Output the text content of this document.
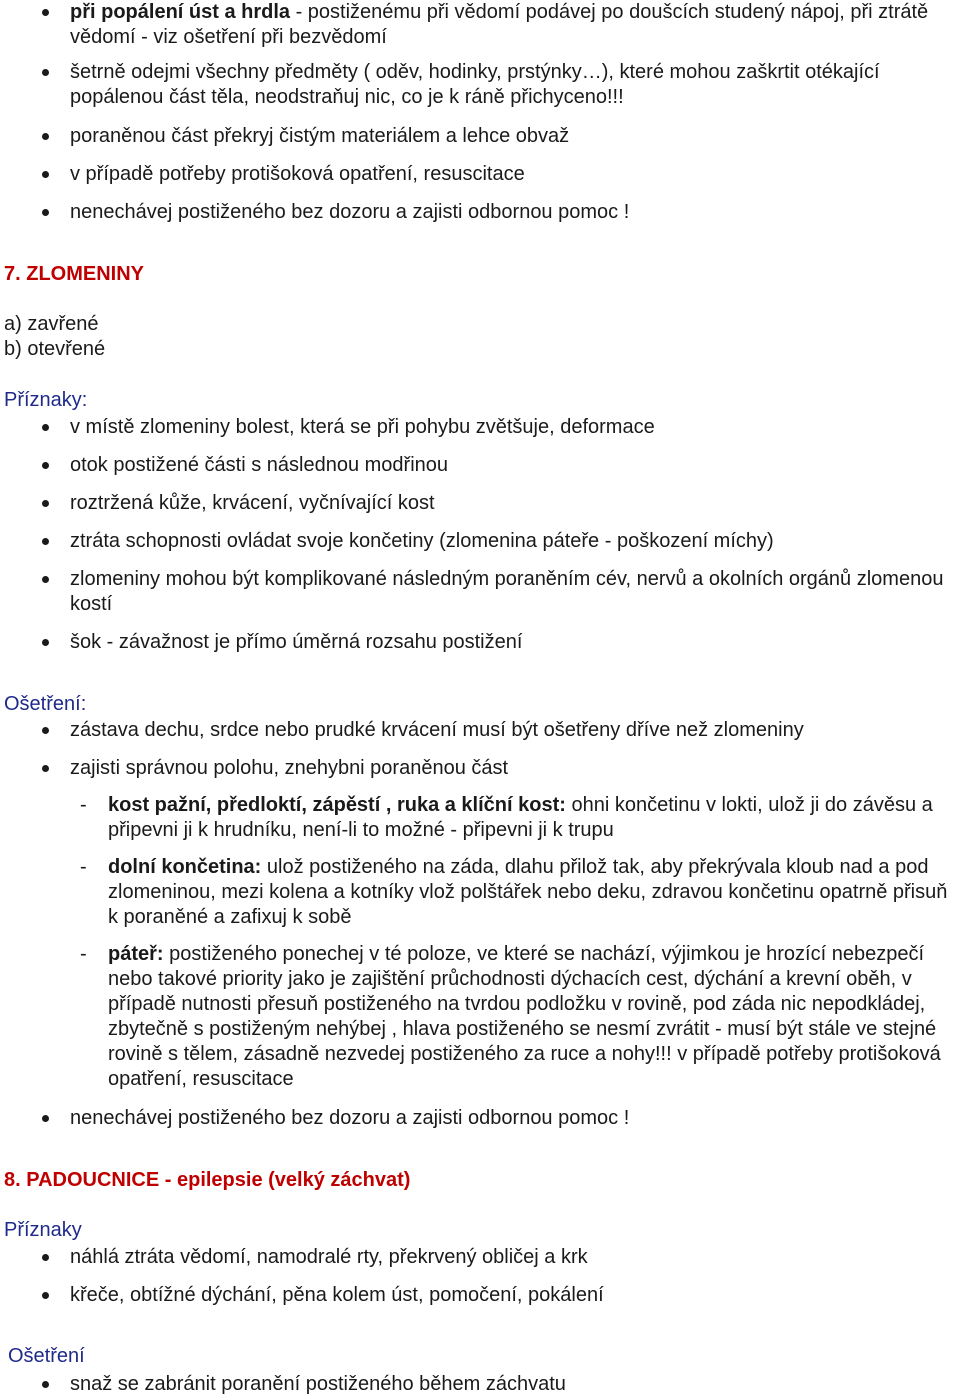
při popálení úst a hrdla - postiženému při vědomí podávej po doušcích studený nápoj, při ztrátě vědomí - viz ošetření při bezvědomí
šetrně odejmi všechny předměty ( oděv, hodinky, prstýnky…), které mohou zaškrtit otékající popálenou část těla, neodstraňuj nic, co je k ráně přichyceno!!!
poraněnou část překryj čistým materiálem a lehce obvaž
v případě potřeby protišoková opatření, resuscitace
nenechávej postiženého bez dozoru a zajisti odbornou pomoc !
7. ZLOMENINY
a) zavřené
b) otevřené
Příznaky:
v místě zlomeniny bolest, která se při pohybu zvětšuje, deformace
otok postižené části s následnou modřinou
roztržená kůže, krvácení, vyčnívající kost
ztráta schopnosti ovládat svoje končetiny (zlomenina páteře - poškození míchy)
zlomeniny mohou být komplikované následným poraněním cév, nervů a okolních orgánů zlomenou kostí
šok - závažnost je přímo úměrná rozsahu postižení
Ošetření:
zástava dechu, srdce nebo prudké krvácení musí být ošetřeny dříve než zlomeniny
zajisti správnou polohu, znehybni poraněnou část
- kost pažní, předloktí, zápěstí , ruka a klíční kost: ohni končetinu v lokti, ulož ji do závěsu a připevni ji k hrudníku, není-li to možné - připevni ji k trupu
- dolní končetina: ulož postiženého na záda, dlahu přilož tak, aby překrývala kloub nad a pod zlomeninou, mezi kolena a kotníky vlož polštářek nebo deku, zdravou končetinu opatrně přisuň k poraněné a zafixuj k sobě
- páteř: postiženého ponechej v té poloze, ve které se nachází, výjimkou je hrozící nebezpečí nebo takové priority jako je zajištění průchodnosti dýchacích cest, dýchání a krevní oběh, v případě nutnosti přesuň postiženého na tvrdou podložku v rovině, pod záda nic nepodkládej, zbytečně s postiženým nehýbej , hlava postiženého se nesmí zvrátit - musí být stále ve stejné rovině s tělem, zásadně nezvedej postiženého za ruce a nohy!!! v případě potřeby protišoková opatření, resuscitace
nenechávej postiženého bez dozoru a zajisti odbornou pomoc !
8. PADOUCNICE - epilepsie (velký záchvat)
Příznaky
náhlá ztráta vědomí, namodralé rty, překrvený obličej a krk
křeče, obtížné dýchání, pěna kolem úst, pomočení, pokálení
Ošetření
snaž se zabránit poranění postiženého během záchvatu
